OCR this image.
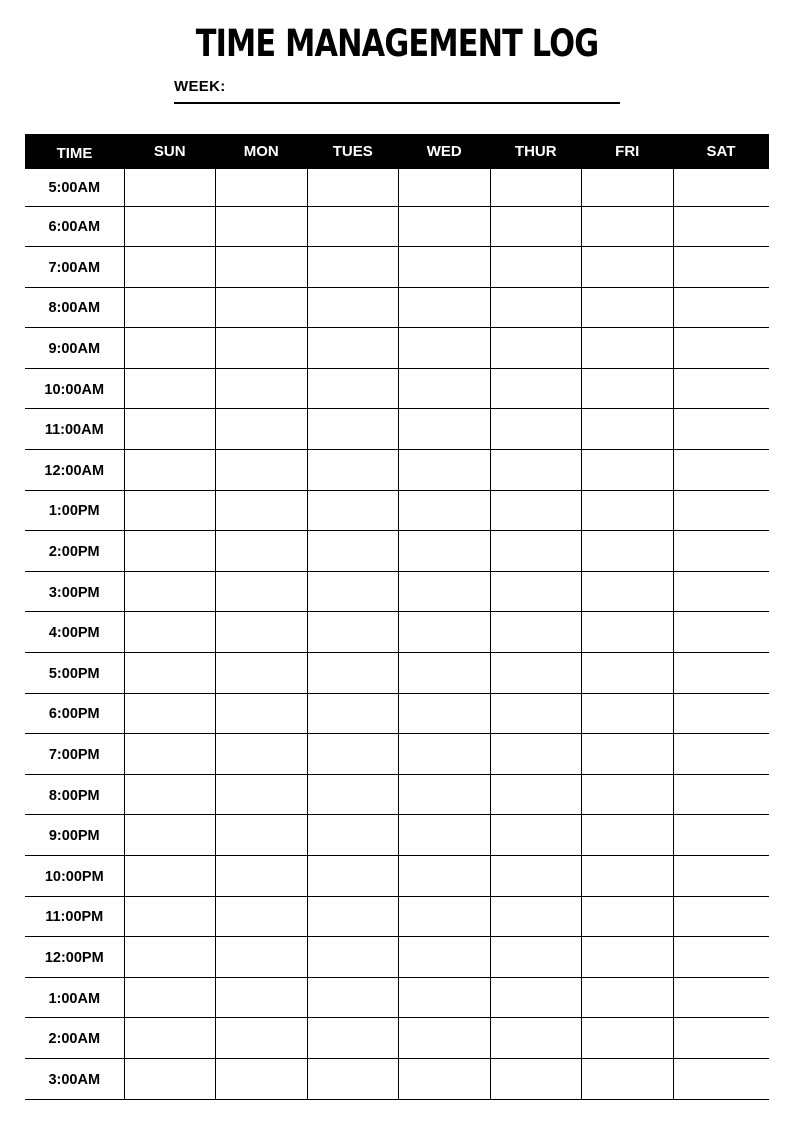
TIME MANAGEMENT LOG
WEEK:
TIME	SUN	MON	TUES	WED	THUR	FRI	SAT
5:00AM							
6:00AM							
7:00AM							
8:00AM							
9:00AM							
10:00AM							
11:00AM							
12:00AM							
1:00PM							
2:00PM							
3:00PM							
4:00PM							
5:00PM							
6:00PM							
7:00PM							
8:00PM							
9:00PM							
10:00PM							
11:00PM							
12:00PM							
1:00AM							
2:00AM							
3:00AM							
